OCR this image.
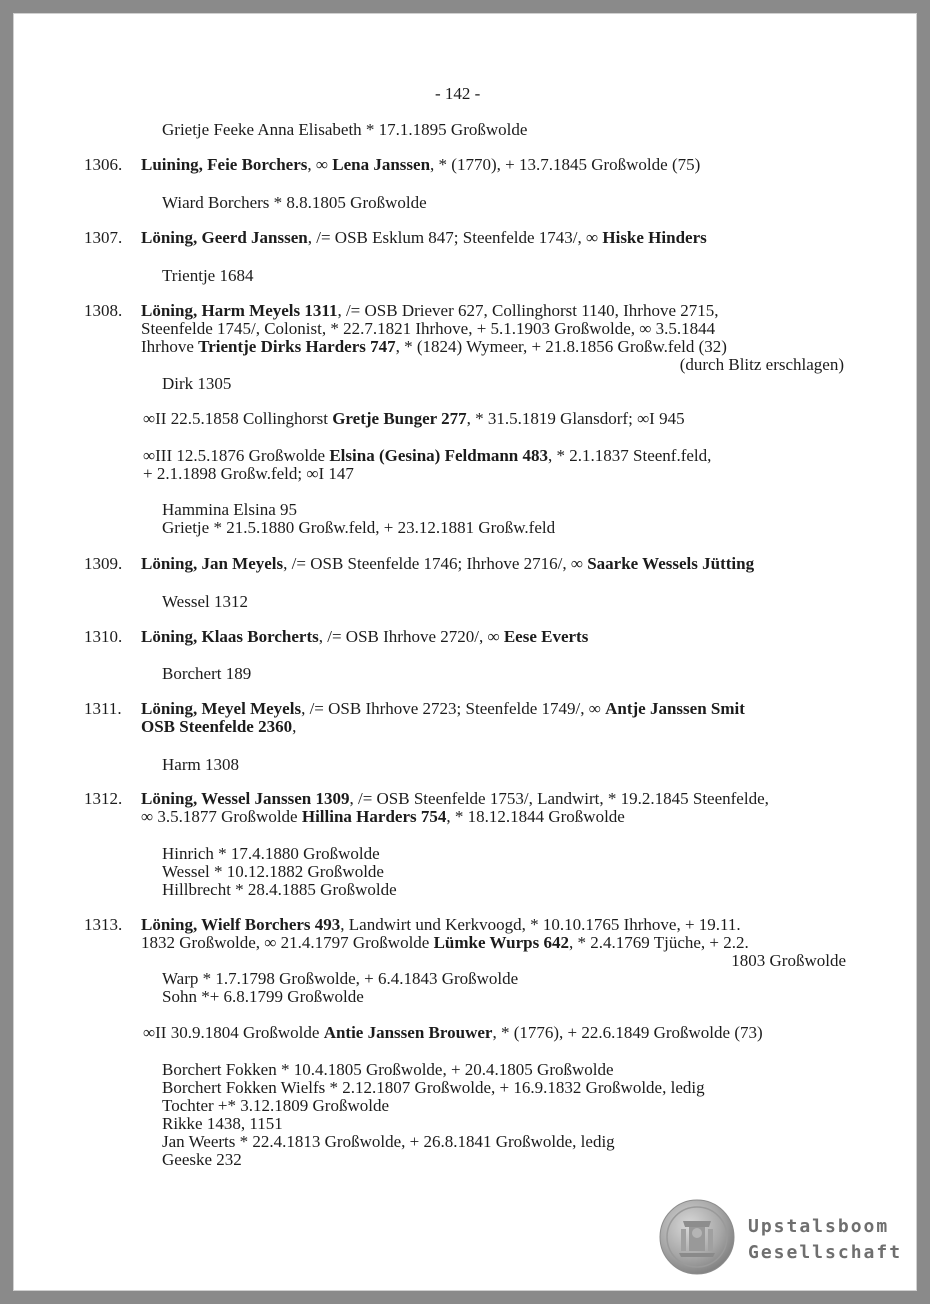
- 142 -
Grietje Feeke Anna Elisabeth * 17.1.1895 Großwolde
1306. Luining, Feie Borchers, ∞ Lena Janssen, * (1770), + 13.7.1845 Großwolde (75)
Wiard Borchers * 8.8.1805 Großwolde
1307. Löning, Geerd Janssen, /= OSB Esklum 847; Steenfelde 1743/, ∞ Hiske Hinders
Trientje 1684
1308. Löning, Harm Meyels 1311, /= OSB Driever 627, Collinghorst 1140, Ihrhove 2715,
Steenfelde 1745/, Colonist, * 22.7.1821 Ihrhove, + 5.1.1903 Großwolde, ∞ 3.5.1844
Ihrhove Trientje Dirks Harders 747, * (1824) Wymeer, + 21.8.1856 Großw.feld (32)
(durch Blitz erschlagen)
Dirk 1305
∞II 22.5.1858 Collinghorst Gretje Bunger 277, * 31.5.1819 Glansdorf; ∞I 945
∞III 12.5.1876 Großwolde Elsina (Gesina) Feldmann 483, * 2.1.1837 Steenf.feld,
+ 2.1.1898 Großw.feld; ∞I 147
Hammina Elsina 95
Grietje * 21.5.1880 Großw.feld, + 23.12.1881 Großw.feld
1309. Löning, Jan Meyels, /= OSB Steenfelde 1746; Ihrhove 2716/, ∞ Saarke Wessels Jütting
Wessel 1312
1310. Löning, Klaas Borcherts, /= OSB Ihrhove 2720/, ∞ Eese Everts
Borchert 189
1311. Löning, Meyel Meyels, /= OSB Ihrhove 2723; Steenfelde 1749/, ∞ Antje Janssen Smit
OSB Steenfelde 2360,
Harm 1308
1312. Löning, Wessel Janssen 1309, /= OSB Steenfelde 1753/, Landwirt, * 19.2.1845 Steenfelde,
∞ 3.5.1877 Großwolde Hillina Harders 754, * 18.12.1844 Großwolde
Hinrich * 17.4.1880 Großwolde
Wessel * 10.12.1882 Großwolde
Hillbrecht * 28.4.1885 Großwolde
1313. Löning, Wielf Borchers 493, Landwirt und Kerkvoogd, * 10.10.1765 Ihrhove, + 19.11.
1832 Großwolde, ∞ 21.4.1797 Großwolde Lümke Wurps 642, * 2.4.1769 Tjüche, + 2.2.
1803 Großwolde
Warp * 1.7.1798 Großwolde, + 6.4.1843 Großwolde
Sohn *+ 6.8.1799 Großwolde
∞II 30.9.1804 Großwolde Antie Janssen Brouwer, * (1776), + 22.6.1849 Großwolde (73)
Borchert Fokken * 10.4.1805 Großwolde, + 20.4.1805 Großwolde
Borchert Fokken Wielfs * 2.12.1807 Großwolde, + 16.9.1832 Großwolde, ledig
Tochter +* 3.12.1809 Großwolde
Rikke 1438, 1151
Jan Weerts * 22.4.1813 Großwolde, + 26.8.1841 Großwolde, ledig
Geeske 232
Upstalsboom
Gesellschaft
